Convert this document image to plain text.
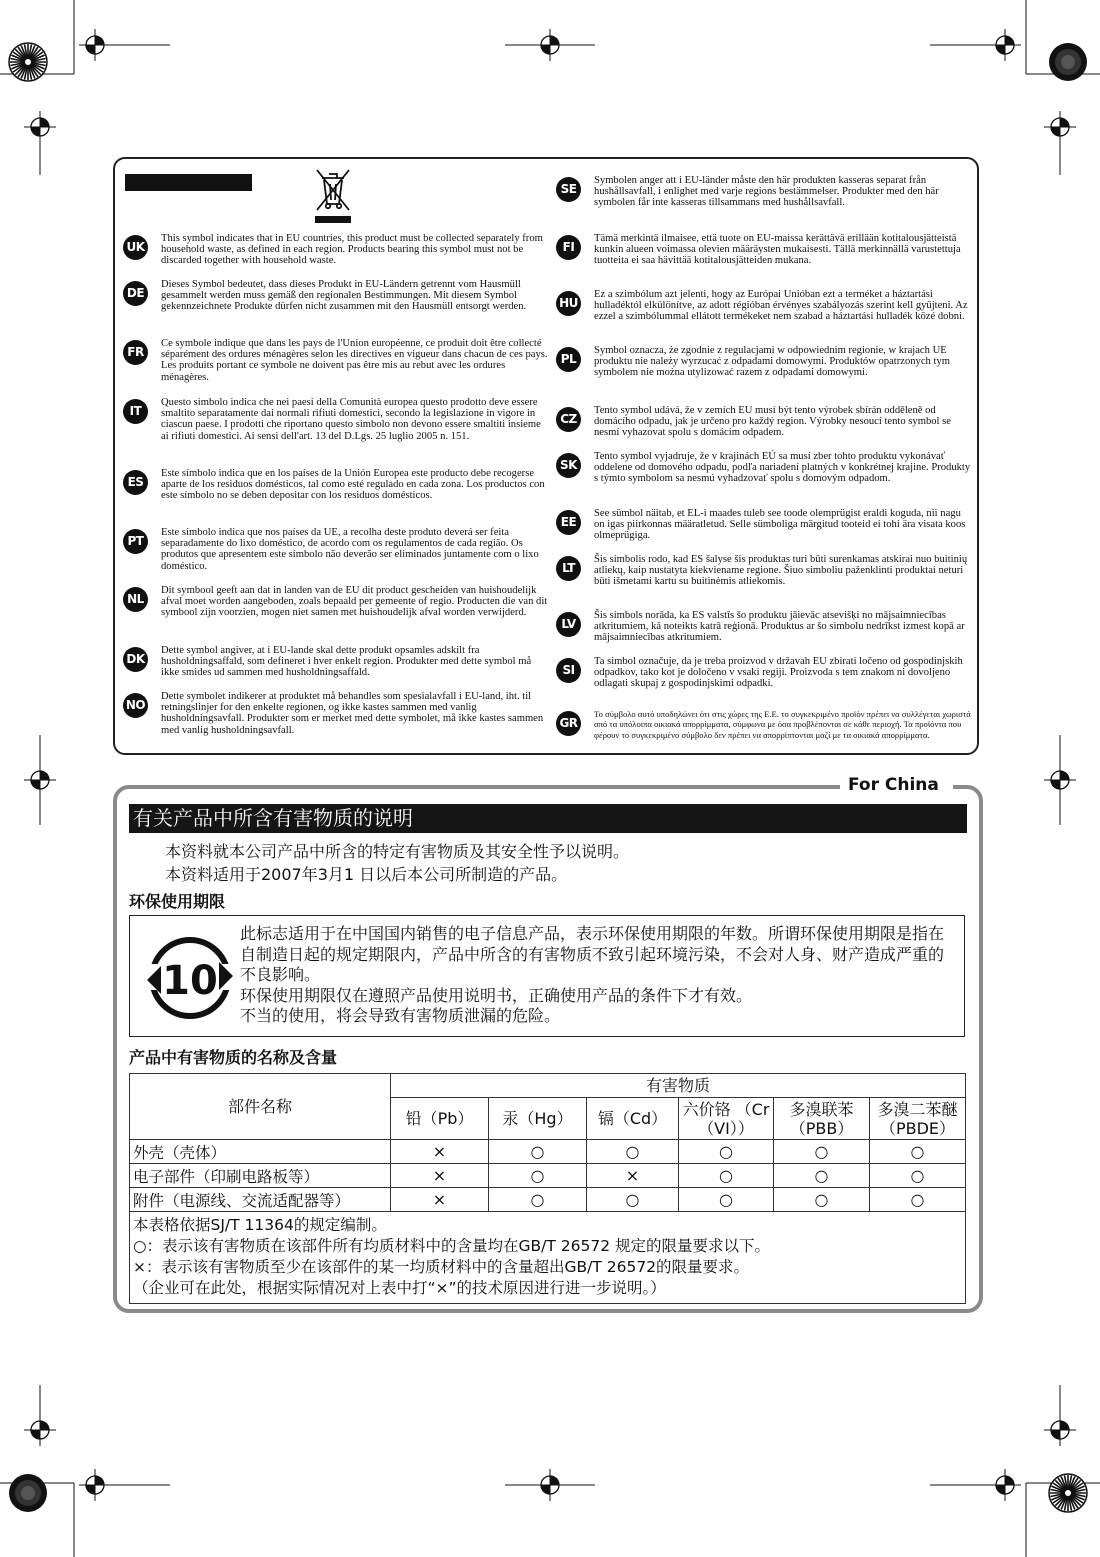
UK
This symbol indicates that in EU countries, this product must be collected separately from household waste, as defined in each region. Products bearing this symbol must not be discarded together with household waste.
DE
Dieses Symbol bedeutet, dass dieses Produkt in EU-Ländern getrennt vom Hausmüll gesammelt werden muss gemäß den regionalen Bestimmungen. Mit diesem Symbol gekennzeichnete Produkte dürfen nicht zusammen mit den Hausmüll entsorgt werden.
FR
Ce symbole indique que dans les pays de l'Union européenne, ce produit doit être collecté séparément des ordures ménagères selon les directives en vigueur dans chacun de ces pays. Les produits portant ce symbole ne doivent pas être mis au rebut avec les ordures ménagères.
IT
Questo simbolo indica che nei paesi della Comunità europea questo prodotto deve essere smaltito separatamente dai normali rifiuti domestici, secondo la legislazione in vigore in ciascun paese. I prodotti che riportano questo simbolo non devono essere smaltiti insieme ai rifiuti domestici. Ai sensi dell'art. 13 del D.Lgs. 25 luglio 2005 n. 151.
ES
Este símbolo indica que en los países de la Unión Europea este producto debe recogerse aparte de los residuos domésticos, tal como esté regulado en cada zona. Los productos con este símbolo no se deben depositar con los residuos domésticos.
PT
Este símbolo indica que nos países da UE, a recolha deste produto deverá ser feita separadamente do lixo doméstico, de acordo com os regulamentos de cada região. Os produtos que apresentem este símbolo não deverão ser eliminados juntamente com o lixo doméstico.
NL
Dit symbool geeft aan dat in landen van de EU dit product gescheiden van huishoudelijk afval moet worden aangeboden, zoals bepaald per gemeente of regio. Producten die van dit symbool zijn voorzien, mogen niet samen met huishoudelijk afval worden verwijderd.
DK
Dette symbol angiver, at i EU-lande skal dette produkt opsamles adskilt fra husholdningsaffald, som defineret i hver enkelt region. Produkter med dette symbol må ikke smides ud sammen med husholdningsaffald.
NO
Dette symbolet indikerer at produktet må behandles som spesialavfall i EU-land, iht. til retningslinjer for den enkelte regionen, og ikke kastes sammen med vanlig husholdningsavfall. Produkter som er merket med dette symbolet, må ikke kastes sammen med vanlig husholdningsavfall.
SE
Symbolen anger att i EU-länder måste den här produkten kasseras separat från hushållsavfall, i enlighet med varje regions bestämmelser. Produkter med den här symbolen får inte kasseras tillsammans med hushållsavfall.
FI
Tämä merkintä ilmaisee, että tuote on EU-maissa kerättävä erillään kotitalousjätteistä kunkin alueen voimassa olevien määräysten mukaisesti. Tällä merkinnällä varustettuja tuotteita ei saa hävittää kotitalousjätteiden mukana.
HU
Ez a szimbólum azt jelenti, hogy az Európai Unióban ezt a terméket a háztartási hulladéktól elkülönítve, az adott régióban érvényes szabályozás szerint kell gyűjteni. Az ezzel a szimbólummal ellátott termékeket nem szabad a háztartási hulladék közé dobni.
PL
Symbol oznacza, że zgodnie z regulacjami w odpowiednim regionie, w krajach UE produktu nie należy wyrzucać z odpadami domowymi. Produktów opatrzonych tym symbolem nie można utylizować razem z odpadami domowymi.
CZ
Tento symbol udává, že v zemích EU musí být tento výrobek sbírán odděleně od domácího odpadu, jak je určeno pro každý region. Výrobky nesoucí tento symbol se nesmí vyhazovat spolu s domácím odpadem.
SK
Tento symbol vyjadruje, že v krajinách EÚ sa musí zber tohto produktu vykonávať oddelene od domového odpadu, podľa nariadení platných v konkrétnej krajine. Produkty s týmto symbolom sa nesmú vyhadzovať spolu s domovým odpadom.
EE
See sümbol näitab, et EL-i maades tuleb see toode olemprügist eraldi koguda, nii nagu on igas piirkonnas määratletud. Selle sümboliga märgitud tooteid ei tohi ära visata koos olmeprügiga.
LT
Šis simbolis rodo, kad ES šalyse šis produktas turi būti surenkamas atskirai nuo buitinių atliekų, kaip nustatyta kiekviename regione. Šiuo simboliu paženklinti produktai neturi būti išmetami kartu su buitinėmis atliekomis.
LV
Šis simbols norāda, ka ES valstīs šo produktu jāievāc atsevišķi no mājsaimniecības atkritumiem, kā noteikts katrā reģionā. Produktus ar šo simbolu nedrīkst izmest kopā ar mājsaimniecības atkritumiem.
SI
Ta simbol označuje, da je treba proizvod v državah EU zbirati ločeno od gospodinjskih odpadkov, tako kot je določeno v vsaki regiji. Proizvoda s tem znakom ni dovoljeno odlagati skupaj z gospodinjskimi odpadki.
GR
Το σύμβολο αυτό υποδηλώνει ότι στις χώρες της Ε.Ε. το συγκεκριμένο προϊόν πρέπει να συλλέγεται χωριστά από τα υπόλοιπα οικιακά απορρίμματα, σύμφωνα με όσα προβλέπονται σε κάθε περιοχή. Τα προϊόντα που φέρουν το συγκεκριμένο σύμβολο δεν πρέπει να απορρίπτονται μαζί με τα οικιακά απορρίμματα.
For China
有关产品中所含有害物质的说明
本资料就本公司产品中所含的特定有害物质及其安全性予以说明。
本资料适用于2007年3月1 日以后本公司所制造的产品。
环保使用期限
10
此标志适用于在中国国内销售的电子信息产品，表示环保使用期限的年数。所谓环保使用期限是指在自制造日起的规定期限内，产品中所含的有害物质不致引起环境污染，不会对人身、财产造成严重的不良影响。
环保使用期限仅在遵照产品使用说明书，正确使用产品的条件下才有效。
不当的使用，将会导致有害物质泄漏的危险。
产品中有害物质的名称及含量
部件名称	有害物质					
	铅（Pb）	汞（Hg）	镉（Cd）	六价铬 （Cr（VI））	多溴联苯 （PBB）	多溴二苯醚 （PBDE）
外壳（壳体）	×	○	○	○	○	○
电子部件（印刷电路板等）	×	○	×	○	○	○
附件（电源线、交流适配器等）	×	○	○	○	○	○

本表格依据SJ/T 11364的规定编制。
○：表示该有害物质在该部件所有均质材料中的含量均在GB/T 26572 规定的限量要求以下。
×：表示该有害物质至少在该部件的某一均质材料中的含量超出GB/T 26572的限量要求。
（企业可在此处，根据实际情况对上表中打“×”的技术原因进行进一步说明。）						
